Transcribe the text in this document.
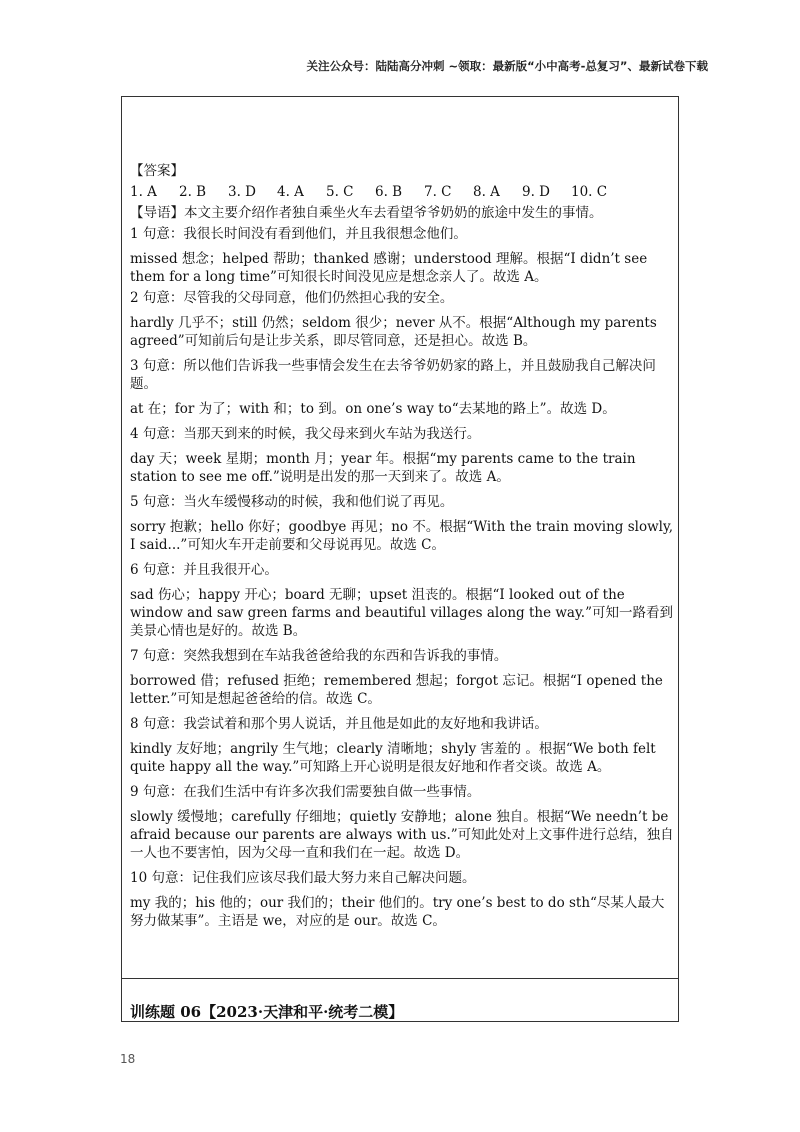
关注公众号：陆陆高分冲刺 ~领取：最新版“小中高考-总复习”、最新试卷下载

【答案】

1. A	2. B	3. D	4. A	5. C	6. B	7. C	8. A	9. D	10. C

【导语】本文主要介绍作者独自乘坐火车去看望爷爷奶奶的旅途中发生的事情。

1 句意：我很长时间没有看到他们，并且我很想念他们。

missed 想念；helped 帮助；thanked 感谢；understood 理解。根据“I didn’t see them for a long time”可知很长时间没见应是想念亲人了。故选 A。

2 句意：尽管我的父母同意，他们仍然担心我的安全。

hardly 几乎不；still 仍然；seldom 很少；never 从不。根据“Although my parents agreed”可知前后句是让步关系，即尽管同意，还是担心。故选 B。

3 句意：所以他们告诉我一些事情会发生在去爷爷奶奶家的路上，并且鼓励我自己解决问题。

at 在；for 为了；with 和；to 到。on one’s way to“去某地的路上”。故选 D。

4 句意：当那天到来的时候，我父母来到火车站为我送行。

day 天；week 星期；month 月；year 年。根据“my parents came to the train station to see me off.”说明是出发的那一天到来了。故选 A。

5 句意：当火车缓慢移动的时候，我和他们说了再见。

sorry 抱歉；hello 你好；goodbye 再见；no 不。根据“With the train moving slowly, I said...”可知火车开走前要和父母说再见。故选 C。

6 句意：并且我很开心。

sad 伤心；happy 开心；board 无聊；upset 沮丧的。根据“I looked out of the window and saw green farms and beautiful villages along the way.”可知一路看到美景心情也是好的。故选 B。

7 句意：突然我想到在车站我爸爸给我的东西和告诉我的事情。

borrowed 借；refused 拒绝；remembered 想起；forgot 忘记。根据“I opened the letter.”可知是想起爸爸给的信。故选 C。

8 句意：我尝试着和那个男人说话，并且他是如此的友好地和我讲话。

kindly 友好地；angrily 生气地；clearly 清晰地；shyly 害羞的 。根据“We both felt quite happy all the way.”可知路上开心说明是很友好地和作者交谈。故选 A。

9 句意：在我们生活中有许多次我们需要独自做一些事情。

slowly 缓慢地；carefully 仔细地；quietly 安静地；alone 独自。根据“We needn’t be afraid because our parents are always with us.”可知此处对上文事件进行总结，独自一人也不要害怕，因为父母一直和我们在一起。故选 D。

10 句意：记住我们应该尽我们最大努力来自己解决问题。

my 我的；his 他的；our 我们的；their 他们的。try one’s best to do sth“尽某人最大努力做某事”。主语是 we，对应的是 our。故选 C。

训练题 06【2023·天津和平·统考二模】
18
